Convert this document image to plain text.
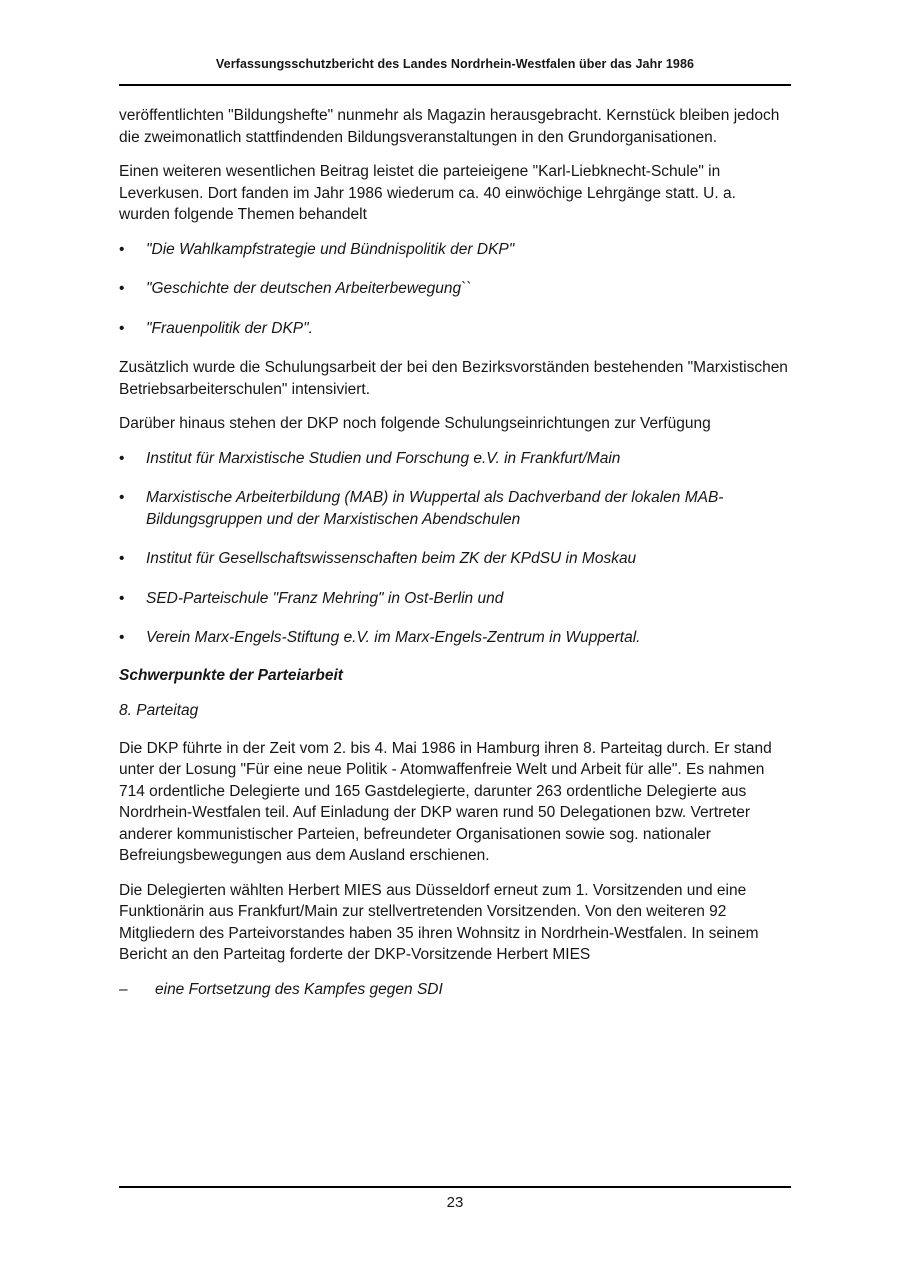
Verfassungsschutzbericht des Landes Nordrhein-Westfalen über das Jahr 1986

veröffentlichten "Bildungshefte" nunmehr als Magazin herausgebracht. Kernstück bleiben jedoch die zweimonatlich stattfindenden Bildungsveranstaltungen in den Grundorganisationen.

Einen weiteren wesentlichen Beitrag leistet die parteieigene "Karl-Liebknecht-Schule" in Leverkusen. Dort fanden im Jahr 1986 wiederum ca. 40 einwöchige Lehrgänge statt. U. a. wurden folgende Themen behandelt

•	"Die Wahlkampfstrategie und Bündnispolitik der DKP"
•	"Geschichte der deutschen Arbeiterbewegung``
•	"Frauenpolitik der DKP".

Zusätzlich wurde die Schulungsarbeit der bei den Bezirksvorständen bestehenden "Marxistischen Betriebsarbeiterschulen" intensiviert.

Darüber hinaus stehen der DKP noch folgende Schulungseinrichtungen zur Verfügung

•	Institut für Marxistische Studien und Forschung e.V. in Frankfurt/Main
•	Marxistische Arbeiterbildung (MAB) in Wuppertal als Dachverband der lokalen MAB-Bildungsgruppen und der Marxistischen Abendschulen
•	Institut für Gesellschaftswissenschaften beim ZK der KPdSU in Moskau
•	SED-Parteischule "Franz Mehring" in Ost-Berlin und
•	Verein Marx-Engels-Stiftung e.V. im Marx-Engels-Zentrum in Wuppertal.
Schwerpunkte der Parteiarbeit
8. Parteitag

Die DKP führte in der Zeit vom 2. bis 4. Mai 1986 in Hamburg ihren 8. Parteitag durch. Er stand unter der Losung "Für eine neue Politik - Atomwaffenfreie Welt und Arbeit für alle". Es nahmen 714 ordentliche Delegierte und 165 Gastdelegierte, darunter 263 ordentliche Delegierte aus Nordrhein-Westfalen teil. Auf Einladung der DKP waren rund 50 Delegationen bzw. Vertreter anderer kommunistischer Parteien, befreundeter Organisationen sowie sog. nationaler Befreiungsbewegungen aus dem Ausland erschienen.

Die Delegierten wählten Herbert MIES aus Düsseldorf erneut zum 1. Vorsitzenden und eine Funktionärin aus Frankfurt/Main zur stellvertretenden Vorsitzenden. Von den weiteren 92 Mitgliedern des Parteivorstandes haben 35 ihren Wohnsitz in Nordrhein-Westfalen. In seinem Bericht an den Parteitag forderte der DKP-Vorsitzende Herbert MIES

–	eine Fortsetzung des Kampfes gegen SDI
23
